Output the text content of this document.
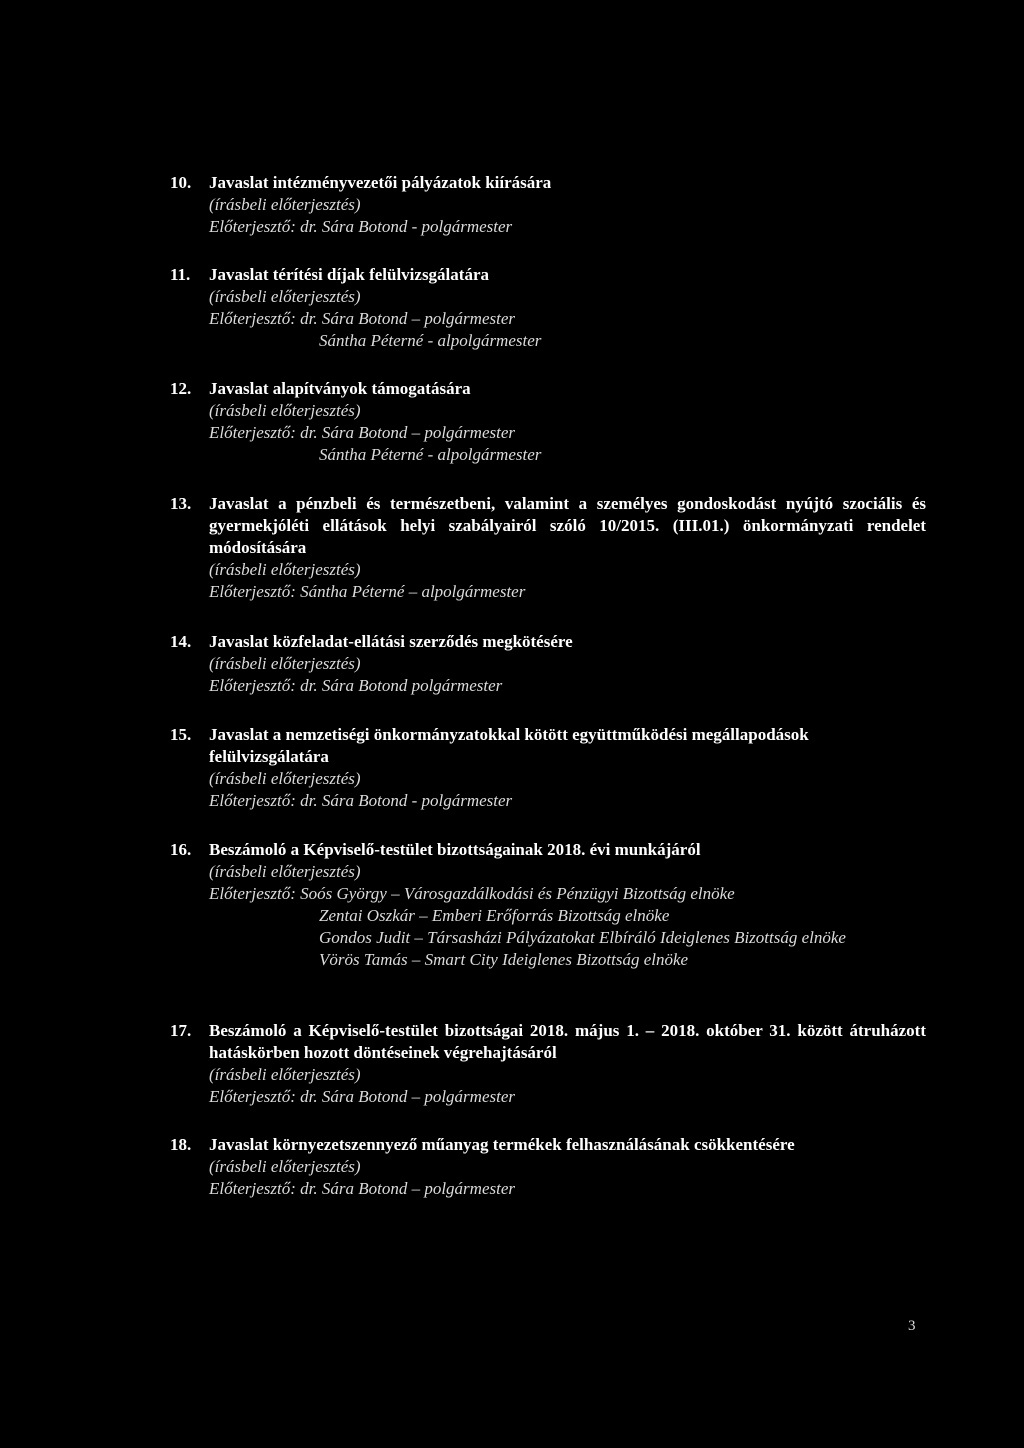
10.	Javaslat intézményvezetői pályázatok kiírására
(írásbeli előterjesztés)
Előterjesztő: dr. Sára Botond - polgármester
11.	Javaslat térítési díjak felülvizsgálatára
(írásbeli előterjesztés)
Előterjesztő: dr. Sára Botond – polgármester
Sántha Péterné - alpolgármester
12.	Javaslat alapítványok támogatására
(írásbeli előterjesztés)
Előterjesztő: dr. Sára Botond – polgármester
Sántha Péterné - alpolgármester
13.	Javaslat a pénzbeli és természetbeni, valamint a személyes gondoskodást nyújtó szociális és gyermekjóléti ellátások helyi szabályairól szóló 10/2015. (III.01.) önkormányzati rendelet módosítására
(írásbeli előterjesztés)
Előterjesztő: Sántha Péterné – alpolgármester
14.	Javaslat közfeladat-ellátási szerződés megkötésére
(írásbeli előterjesztés)
Előterjesztő: dr. Sára Botond polgármester
15.	Javaslat a nemzetiségi önkormányzatokkal kötött együttműködési megállapodások felülvizsgálatára
(írásbeli előterjesztés)
Előterjesztő: dr. Sára Botond - polgármester
16.	Beszámoló a Képviselő-testület bizottságainak 2018. évi munkájáról
(írásbeli előterjesztés)
Előterjesztő: Soós György – Városgazdálkodási és Pénzügyi Bizottság elnöke
Zentai Oszkár – Emberi Erőforrás Bizottság elnöke
Gondos Judit – Társasházi Pályázatokat Elbíráló Ideiglenes Bizottság elnöke
Vörös Tamás – Smart City Ideiglenes Bizottság elnöke
17.	Beszámoló a Képviselő-testület bizottságai 2018. május 1. – 2018. október 31. között átruházott hatáskörben hozott döntéseinek végrehajtásáról
(írásbeli előterjesztés)
Előterjesztő: dr. Sára Botond – polgármester
18.	Javaslat környezetszennyező műanyag termékek felhasználásának csökkentésére
(írásbeli előterjesztés)
Előterjesztő: dr. Sára Botond – polgármester
3
